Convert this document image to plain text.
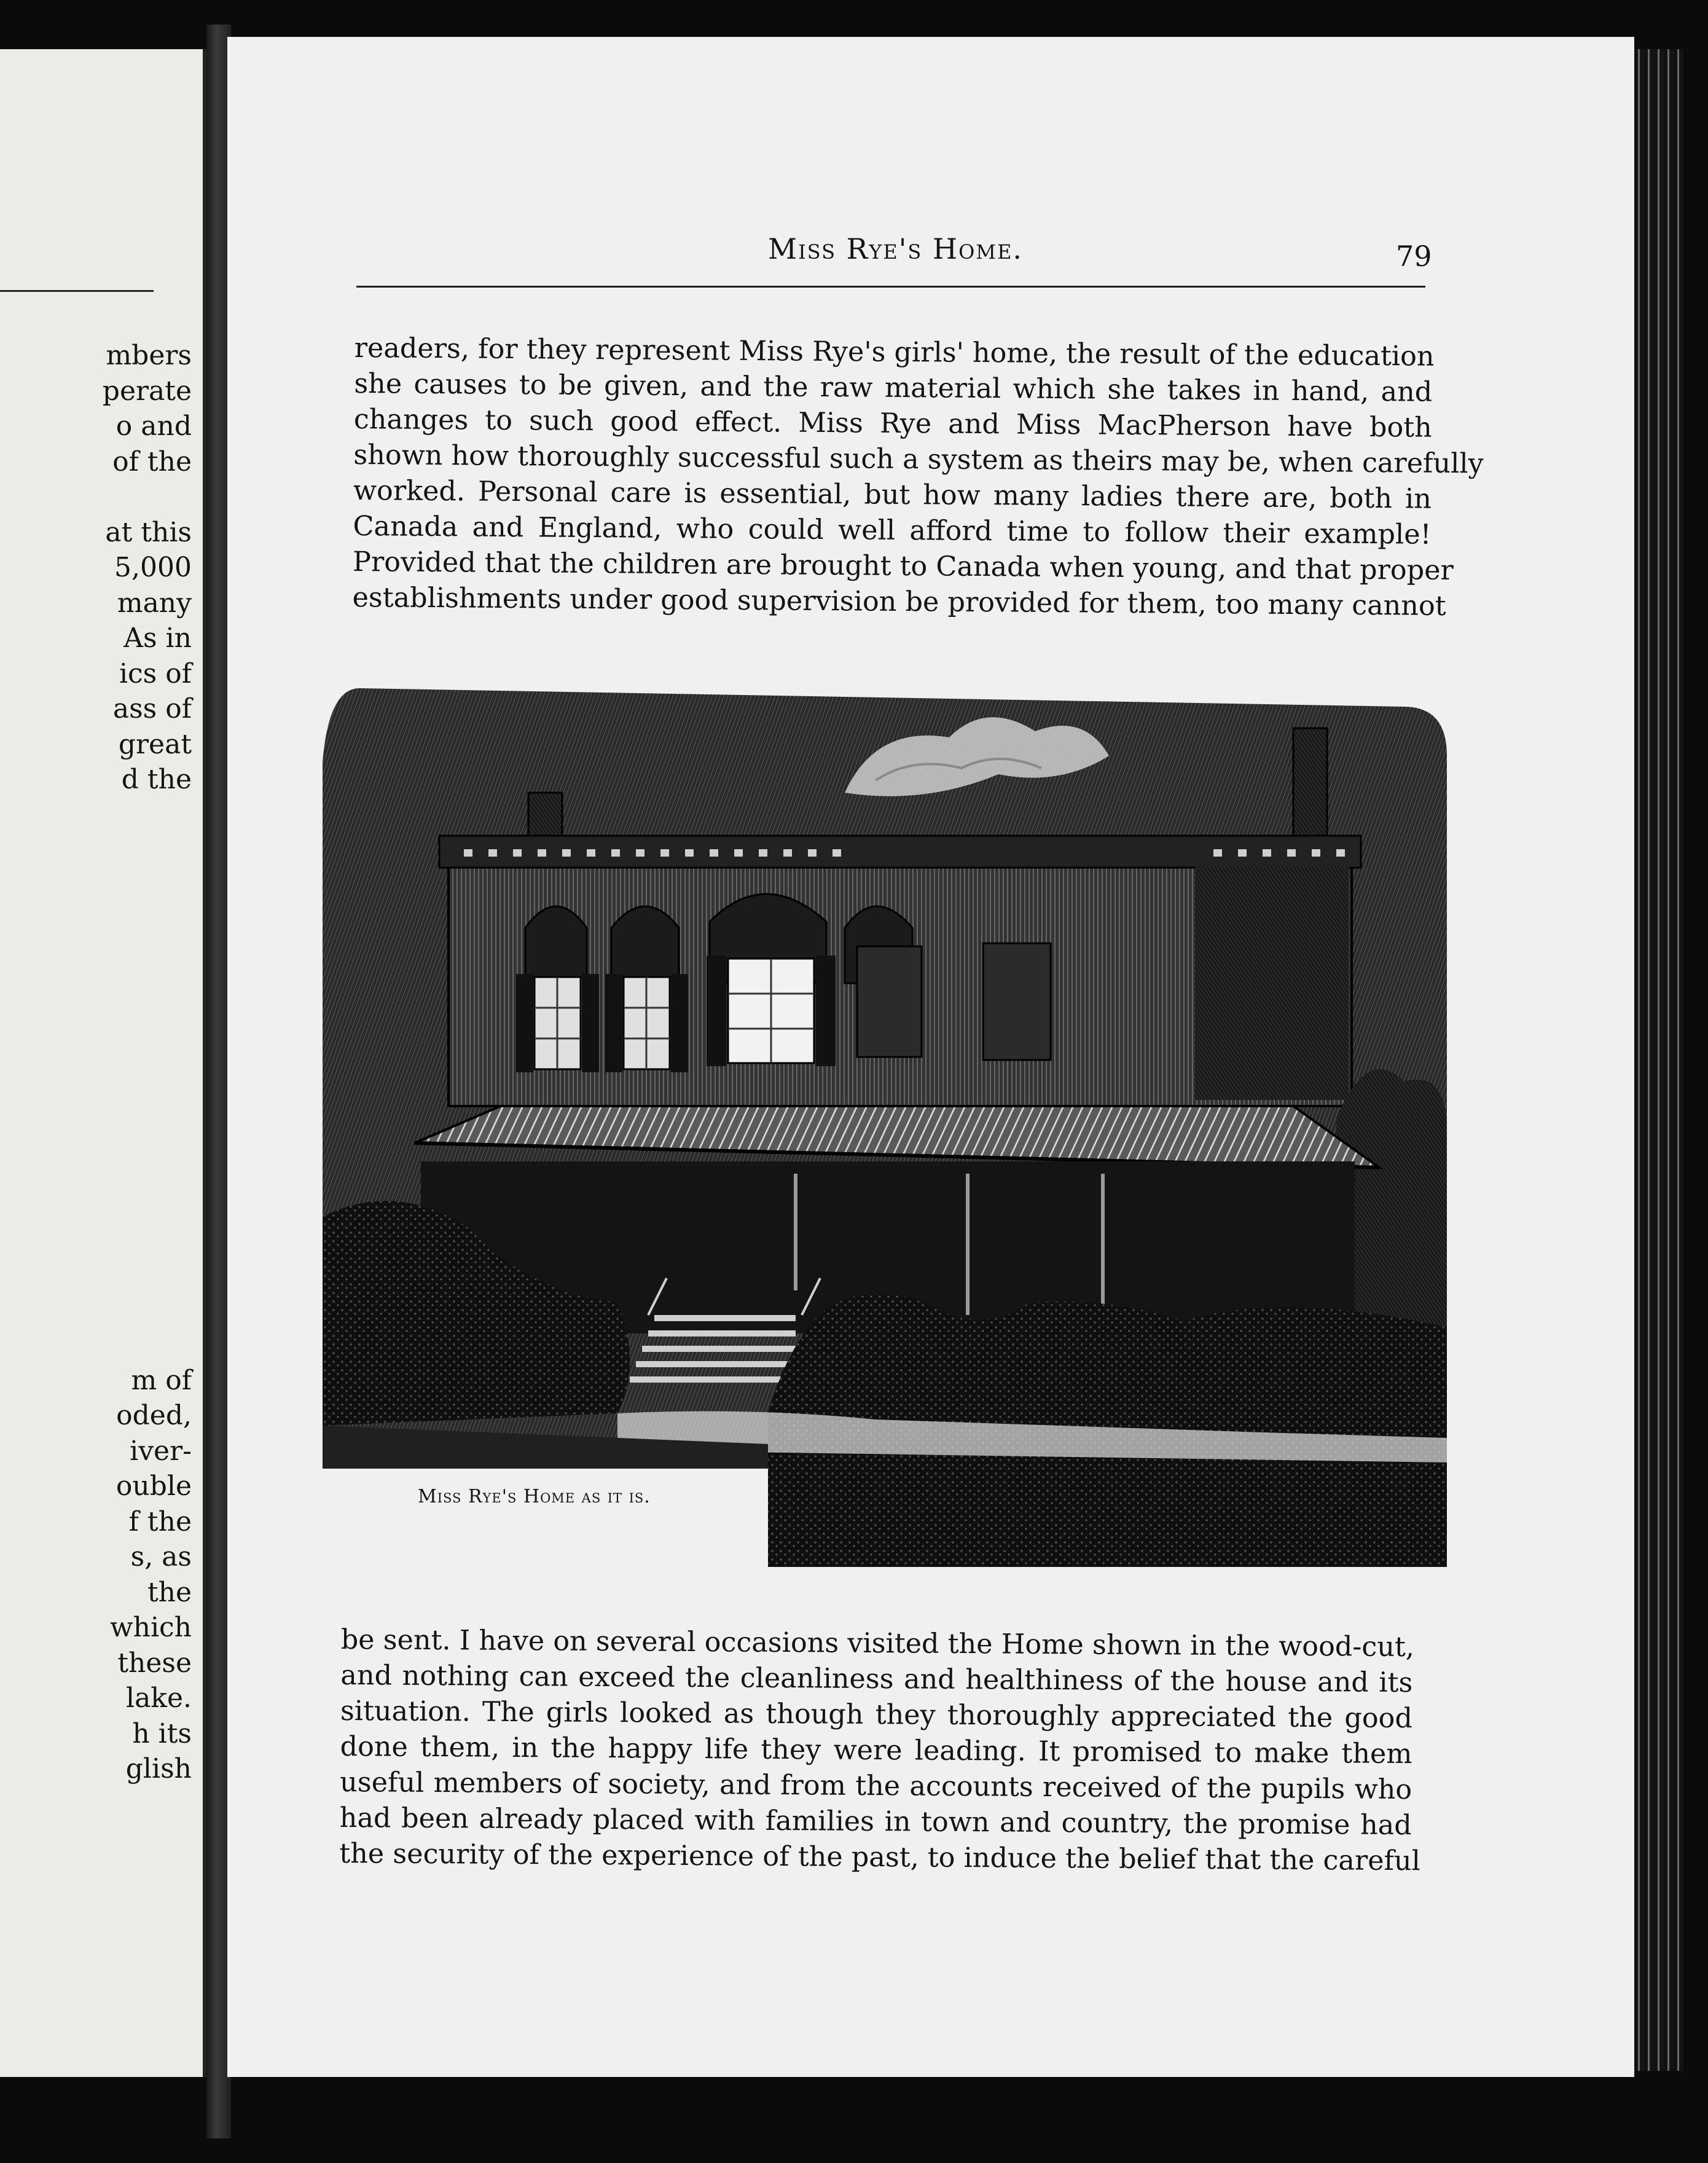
mbers
perate
o and
of the
at this
5,000
many
As in
ics of
ass of
great
d the
m of
oded,
iver-
ouble
f the
s, as
the
which
these
lake.
h its
glish
Miss Rye's Home.	79
readers, for they represent Miss Rye's girls' home, the result of the education
she causes to be given, and the raw material which she takes in hand, and
changes to such good effect. Miss Rye and Miss MacPherson have both
shown how thoroughly successful such a system as theirs may be, when carefully
worked. Personal care is essential, but how many ladies there are, both in
Canada and England, who could well afford time to follow their example!
Provided that the children are brought to Canada when young, and that proper
establishments under good supervision be provided for them, too many cannot
Miss Rye's Home as it is.
be sent. I have on several occasions visited the Home shown in the wood-cut,
and nothing can exceed the cleanliness and healthiness of the house and its
situation. The girls looked as though they thoroughly appreciated the good
done them, in the happy life they were leading. It promised to make them
useful members of society, and from the accounts received of the pupils who
had been already placed with families in town and country, the promise had
the security of the experience of the past, to induce the belief that the careful
